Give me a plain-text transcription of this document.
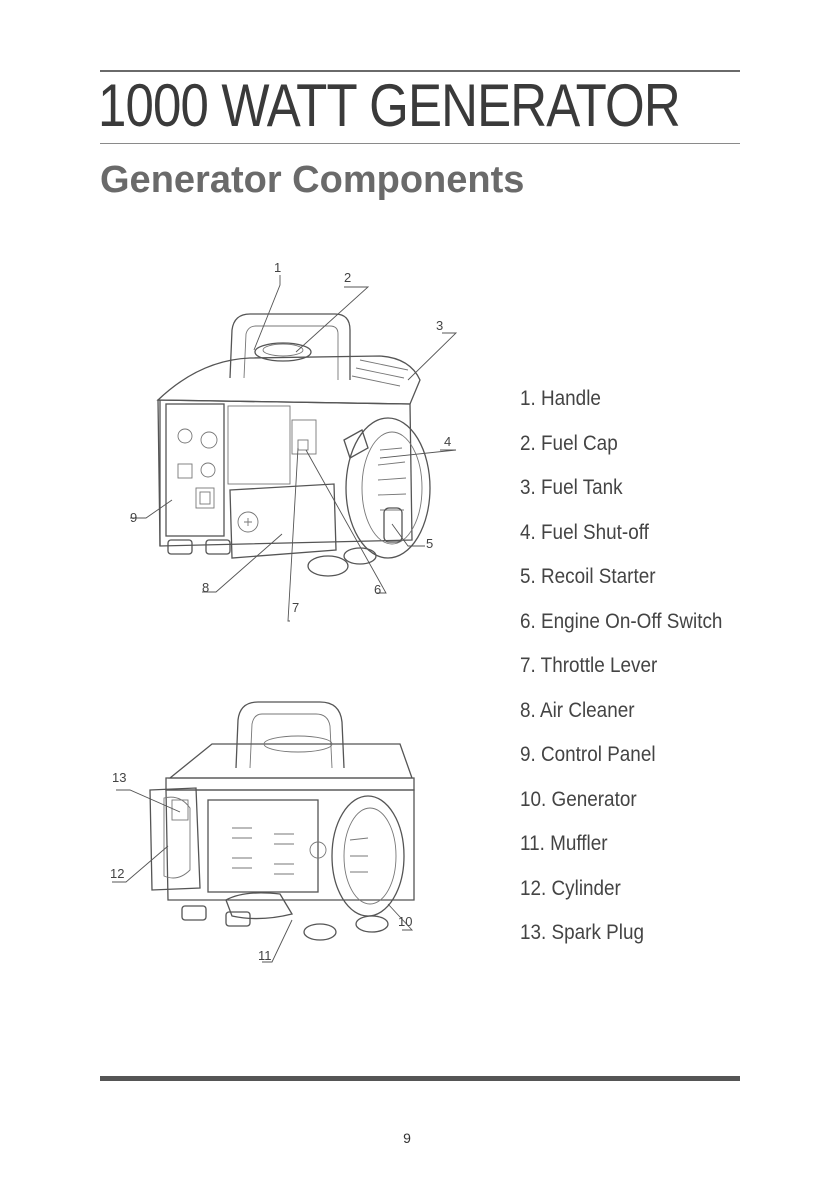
1000 WATT GENERATOR
Generator Components
1
2
3
4
5
6
7
8
9
10
11
12
13
1. Handle
2. Fuel Cap
3. Fuel Tank
4. Fuel Shut-off
5. Recoil Starter
6. Engine On-Off Switch
7. Throttle Lever
8. Air Cleaner
9. Control Panel
10. Generator
11. Muffler
12. Cylinder
13. Spark Plug
9
